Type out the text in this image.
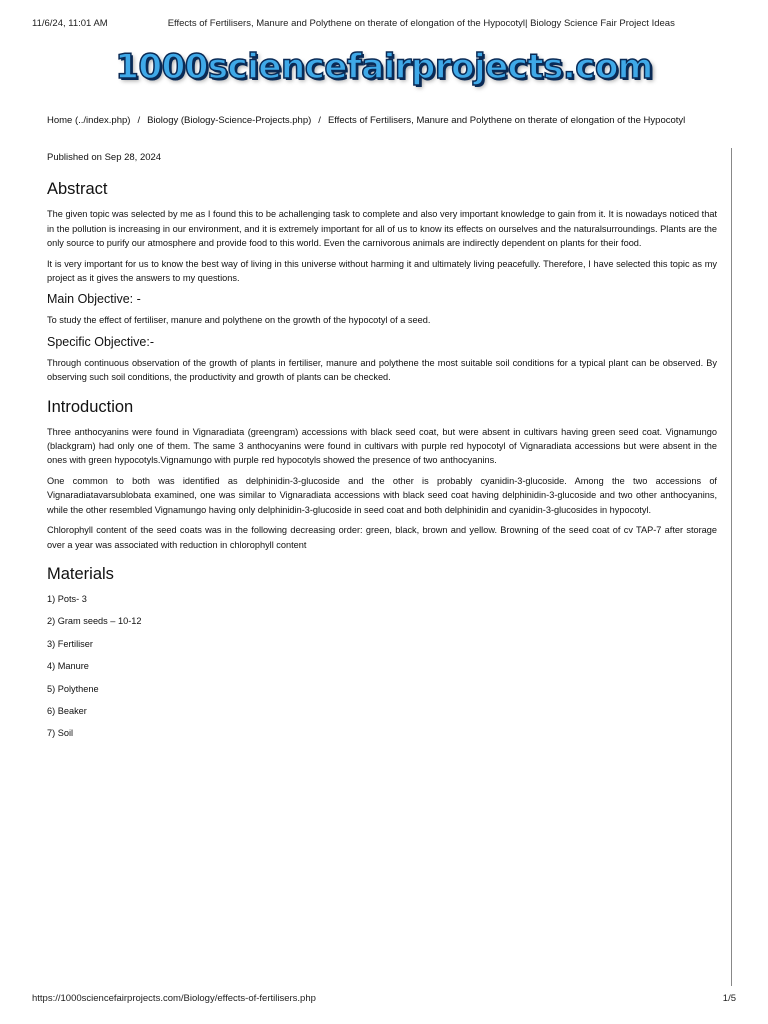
11/6/24, 11:01 AM	Effects of Fertilisers, Manure and Polythene on therate of elongation of the Hypocotyl| Biology Science Fair Project Ideas
1000sciencefairprojects.com
Home (../index.php) / Biology (Biology-Science-Projects.php) / Effects of Fertilisers, Manure and Polythene on therate of elongation of the Hypocotyl

Published on Sep 28, 2024

Abstract

The given topic was selected by me as I found this to be achallenging task to complete and also very important knowledge to gain from it. It is nowadays noticed that in the pollution is increasing in our environment, and it is extremely important for all of us to know its effects on ourselves and the naturalsurroundings. Plants are the only source to purify our atmosphere and provide food to this world. Even the carnivorous animals are indirectly dependent on plants for their food.

It is very important for us to know the best way of living in this universe without harming it and ultimately living peacefully. Therefore, I have selected this topic as my project as it gives the answers to my questions.

Main Objective: -

To study the effect of fertiliser, manure and polythene on the growth of the hypocotyl of a seed.

Specific Objective:-

Through continuous observation of the growth of plants in fertiliser, manure and polythene the most suitable soil conditions for a typical plant can be observed. By observing such soil conditions, the productivity and growth of plants can be checked.

Introduction

Three anthocyanins were found in Vignaradiata (greengram) accessions with black seed coat, but were absent in cultivars having green seed coat. Vignamungo (blackgram) had only one of them. The same 3 anthocyanins were found in cultivars with purple red hypocotyl of Vignaradiata accessions but were absent in the ones with green hypocotyls.Vignamungo with purple red hypocotyls showed the presence of two anthocyanins.

One common to both was identified as delphinidin-3-glucoside and the other is probably cyanidin-3-glucoside. Among the two accessions of Vignaradiatavarsublobata examined, one was similar to Vignaradiata accessions with black seed coat having delphinidin-3-glucoside and two other anthocyanins, while the other resembled Vignamungo having only delphinidin-3-glucoside in seed coat and both delphinidin and cyanidin-3-glucosides in hypocotyl.

Chlorophyll content of the seed coats was in the following decreasing order: green, black, brown and yellow. Browning of the seed coat of cv TAP-7 after storage over a year was associated with reduction in chlorophyll content

Materials

1) Pots- 3

2) Gram seeds – 10-12

3) Fertiliser

4) Manure

5) Polythene

6) Beaker

7) Soil

https://1000sciencefairprojects.com/Biology/effects-of-fertilisers.php	1/5
